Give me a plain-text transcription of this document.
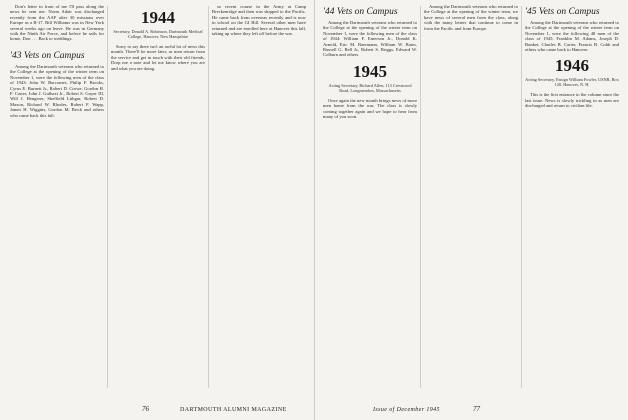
Don's letter in front of me I'll pass along the news he sent me. Norm Adair was discharged recently from the AAF after 30 missions over Europe as a B-17. Bill Williams was in New York several weeks ago on leave. He was in Germany with the Ninth Air Force, and before he sails for home, Don . . . Back to weddings.

'43 Vets on Campus

Among the Dartmouth veterans who returned to the College at the opening of the winter term on November 1, were the following men of the class of 1943: John W. Barcomes, Philip F. Brooks, Cyrus E. Burnett Jr., Robert D. Crowe, Gordon H. F. Carter, John J. Gulhaxt Jr., Robert S. Guyer III, Will J. Hengerer, Sheffield Lithgar, Robert D. Maxon, Richard W. Rhodes, Robert F. Wapp, James H. Wiggins, Gordon M. Brick and others who came back this fall.

1944
Secretary, Donald A. Robinson, Dartmouth Medical College, Hanover, New Hampshire

Sorry to say there isn't an awful lot of news this month. There'll be more later, as men return from the service and get in touch with their old friends. Drop me a note and let me know where you are and what you are doing.

so recent course in the Army at Camp Breckenridge and then was shipped to the Pacific. He came back from overseas recently and is now in school on the GI Bill. Several other men have returned and are enrolled here at Hanover this fall, taking up where they left off before the war.

76	DARTMOUTH ALUMNI MAGAZINE
'44 Vets on Campus

Among the Dartmouth veterans who returned to the College at the opening of the winter term on November 1, were the following men of the class of 1944: William F. Emerson Jr., Donald K. Arnold, Eric M. Baermann, William W. Bates, Russell G. Bell Jr., Robert S. Briggs, Edward W. Colburn and others.

1945
Acting Secretary, Richard Allen, 113 Crestwood Road, Longmeadow, Massachusetts

Once again the new month brings news of more men home from the war. The class is slowly coming together again and we hope to hear from many of you soon.

Among the Dartmouth veterans who returned to the College at the opening of the winter term, we have news of several men from the class, along with the many letters that continue to come in from the Pacific and from Europe.

'45 Vets on Campus

Among the Dartmouth veterans who returned to the College at the opening of the winter term on November 1, were the following 48 men of the class of 1945: Franklin M. Adams, Joseph D. Bunker, Charles B. Carter, Francis B. Cobb and others who came back to Hanover.

1946
Acting Secretary, Ensign William Fowler, USNR, Box 120, Hanover, N. H.

This is the first entrance to the column since the last issue. News is slowly trickling in as men are discharged and return to civilian life.

Issue of December 1945	77
